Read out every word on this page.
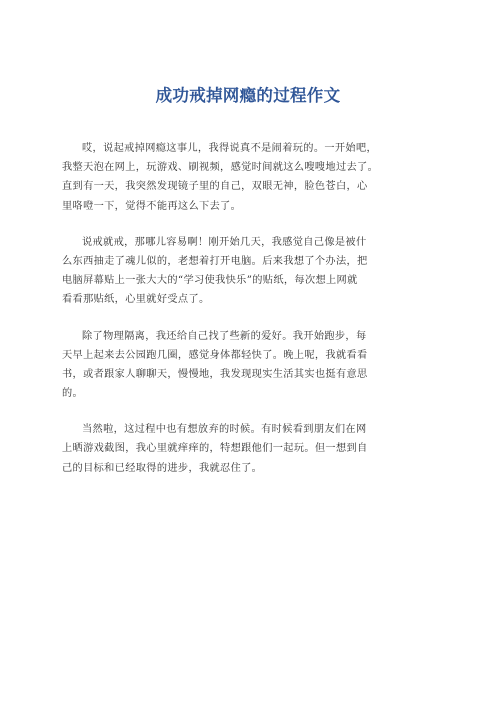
成功戒掉网瘾的过程作文

哎，说起戒掉网瘾这事儿，我得说真不是闹着玩的。一开始吧，
我整天泡在网上，玩游戏、刷视频，感觉时间就这么嗖嗖地过去了。
直到有一天，我突然发现镜子里的自己，双眼无神，脸色苍白，心
里咯噔一下，觉得不能再这么下去了。

说戒就戒，那哪儿容易啊！刚开始几天，我感觉自己像是被什
么东西抽走了魂儿似的，老想着打开电脑。后来我想了个办法，把
电脑屏幕贴上一张大大的“学习使我快乐”的贴纸，每次想上网就
看看那贴纸，心里就好受点了。

除了物理隔离，我还给自己找了些新的爱好。我开始跑步，每
天早上起来去公园跑几圈，感觉身体都轻快了。晚上呢，我就看看
书，或者跟家人聊聊天，慢慢地，我发现现实生活其实也挺有意思
的。

当然啦，这过程中也有想放弃的时候。有时候看到朋友们在网
上晒游戏截图，我心里就痒痒的，特想跟他们一起玩。但一想到自
己的目标和已经取得的进步，我就忍住了。
